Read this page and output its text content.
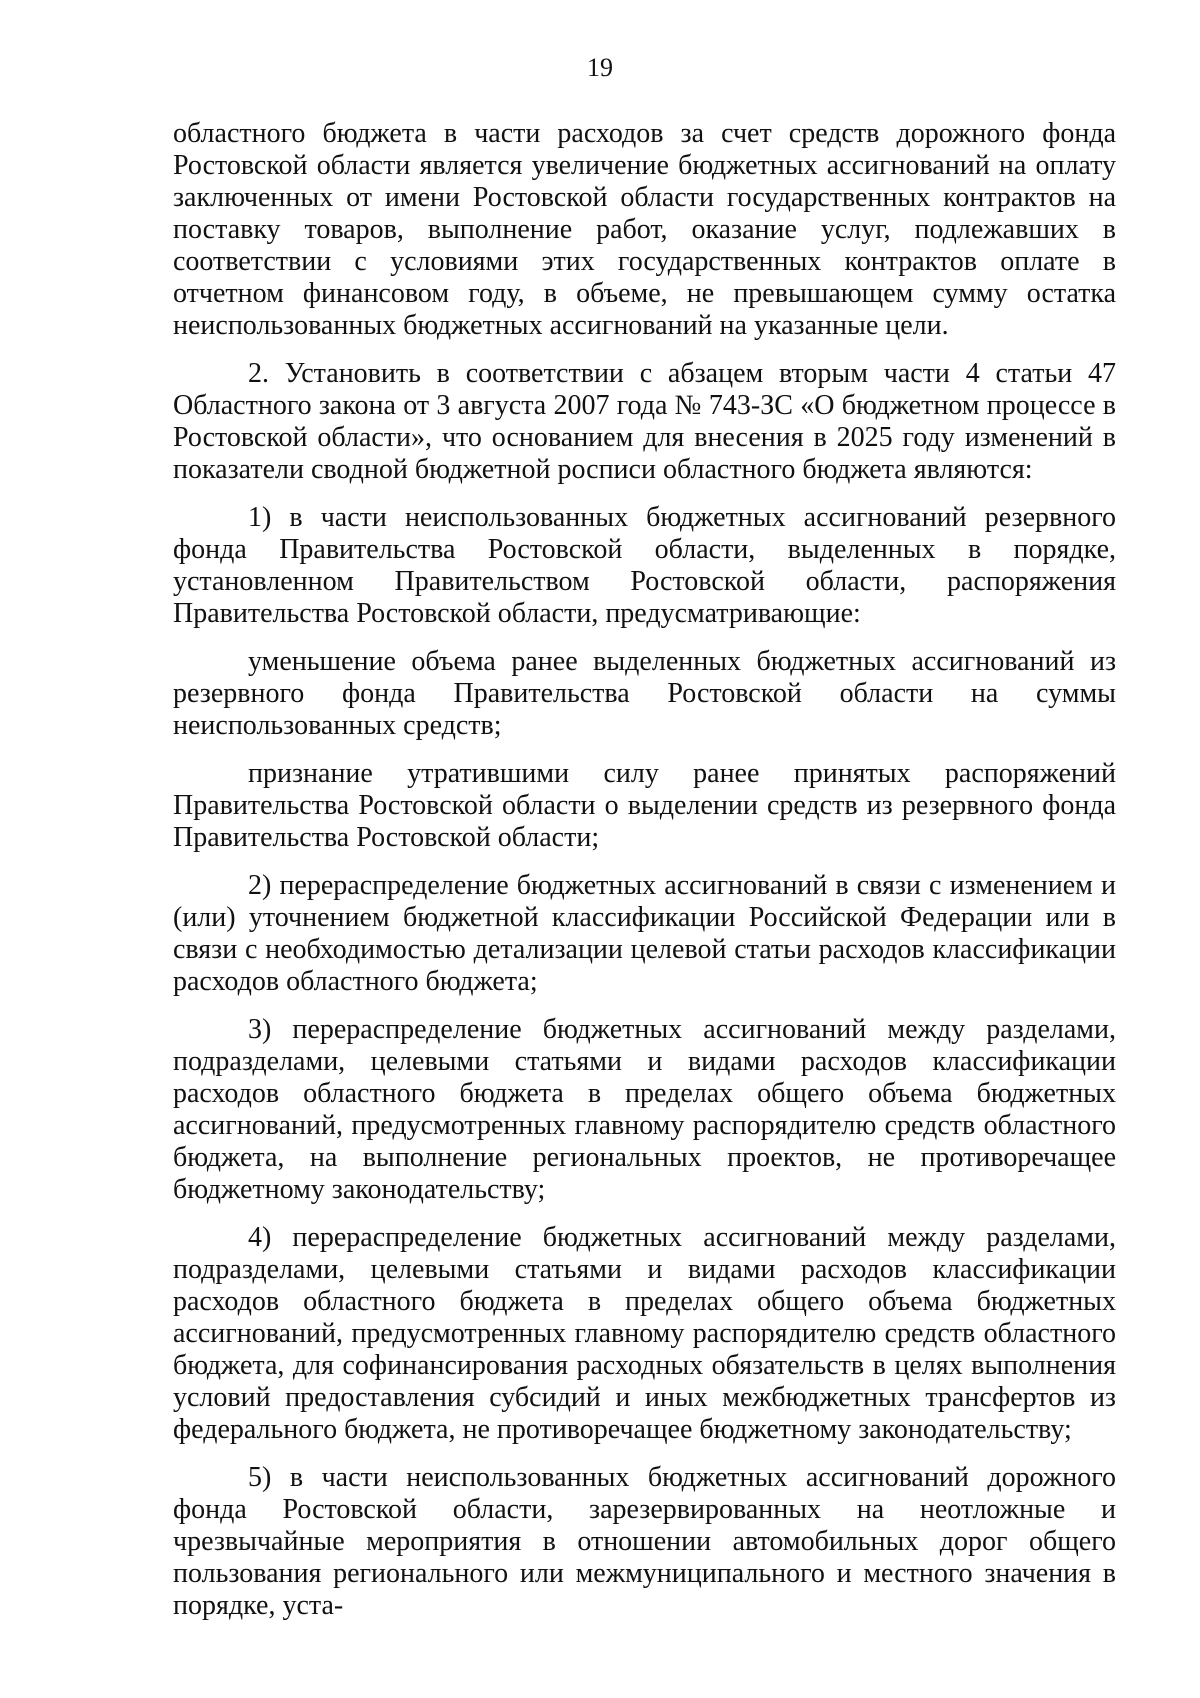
19

областного бюджета в части расходов за счет средств дорожного фонда Ростовской области является увеличение бюджетных ассигнований на оплату заключенных от имени Ростовской области государственных контрактов на поставку товаров, выполнение работ, оказание услуг, подлежавших в соответствии с условиями этих государственных контрактов оплате в отчетном финансовом году, в объеме, не превышающем сумму остатка неиспользованных бюджетных ассигнований на указанные цели.

2. Установить в соответствии с абзацем вторым части 4 статьи 47 Областного закона от 3 августа 2007 года № 743-ЗС «О бюджетном процессе в Ростовской области», что основанием для внесения в 2025 году изменений в показатели сводной бюджетной росписи областного бюджета являются:

1) в части неиспользованных бюджетных ассигнований резервного фонда Правительства Ростовской области, выделенных в порядке, установленном Правительством Ростовской области, распоряжения Правительства Ростовской области, предусматривающие:

уменьшение объема ранее выделенных бюджетных ассигнований из резервного фонда Правительства Ростовской области на суммы неиспользованных средств;

признание утратившими силу ранее принятых распоряжений Правительства Ростовской области о выделении средств из резервного фонда Правительства Ростовской области;

2) перераспределение бюджетных ассигнований в связи с изменением и (или) уточнением бюджетной классификации Российской Федерации или в связи с необходимостью детализации целевой статьи расходов классификации расходов областного бюджета;

3) перераспределение бюджетных ассигнований между разделами, подразделами, целевыми статьями и видами расходов классификации расходов областного бюджета в пределах общего объема бюджетных ассигнований, предусмотренных главному распорядителю средств областного бюджета, на выполнение региональных проектов, не противоречащее бюджетному законодательству;

4) перераспределение бюджетных ассигнований между разделами, подразделами, целевыми статьями и видами расходов классификации расходов областного бюджета в пределах общего объема бюджетных ассигнований, предусмотренных главному распорядителю средств областного бюджета, для софинансирования расходных обязательств в целях выполнения условий предоставления субсидий и иных межбюджетных трансфертов из федерального бюджета, не противоречащее бюджетному законодательству;

5) в части неиспользованных бюджетных ассигнований дорожного фонда Ростовской области, зарезервированных на неотложные и чрезвычайные мероприятия в отношении автомобильных дорог общего пользования регионального или межмуниципального и местного значения в порядке, уста-
